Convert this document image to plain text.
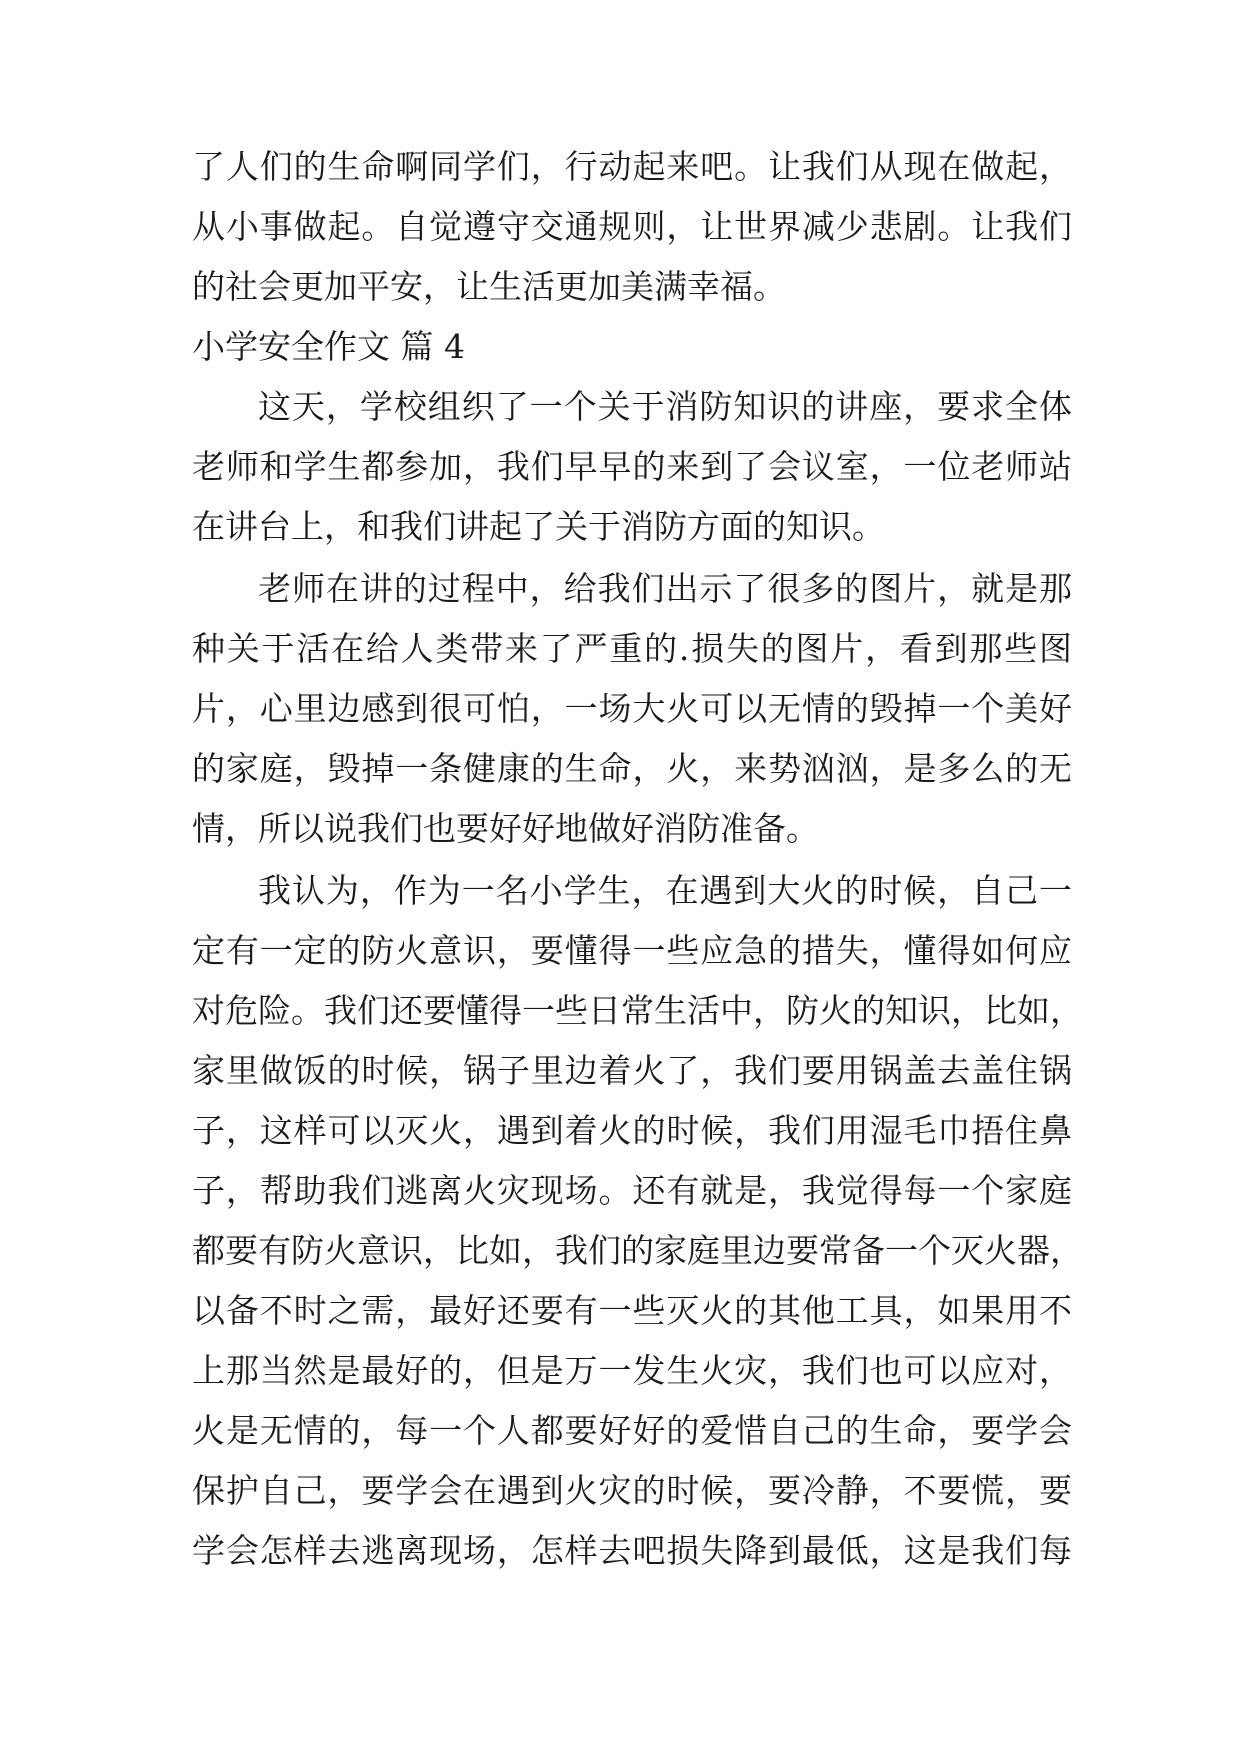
了人们的生命啊同学们，行动起来吧。让我们从现在做起，
从小事做起。自觉遵守交通规则，让世界减少悲剧。让我们
的社会更加平安，让生活更加美满幸福。
小学安全作文 篇 4
这天，学校组织了一个关于消防知识的讲座，要求全体
老师和学生都参加，我们早早的来到了会议室，一位老师站
在讲台上，和我们讲起了关于消防方面的知识。
老师在讲的过程中，给我们出示了很多的图片，就是那
种关于活在给人类带来了严重的.损失的图片，看到那些图
片，心里边感到很可怕，一场大火可以无情的毁掉一个美好
的家庭，毁掉一条健康的生命，火，来势汹汹，是多么的无
情，所以说我们也要好好地做好消防准备。
我认为，作为一名小学生，在遇到大火的时候，自己一
定有一定的防火意识，要懂得一些应急的措失，懂得如何应
对危险。我们还要懂得一些日常生活中，防火的知识，比如，
家里做饭的时候，锅子里边着火了，我们要用锅盖去盖住锅
子，这样可以灭火，遇到着火的时候，我们用湿毛巾捂住鼻
子，帮助我们逃离火灾现场。还有就是，我觉得每一个家庭
都要有防火意识，比如，我们的家庭里边要常备一个灭火器，
以备不时之需，最好还要有一些灭火的其他工具，如果用不
上那当然是最好的，但是万一发生火灾，我们也可以应对，
火是无情的，每一个人都要好好的爱惜自己的生命，要学会
保护自己，要学会在遇到火灾的时候，要冷静，不要慌，要
学会怎样去逃离现场，怎样去吧损失降到最低，这是我们每
